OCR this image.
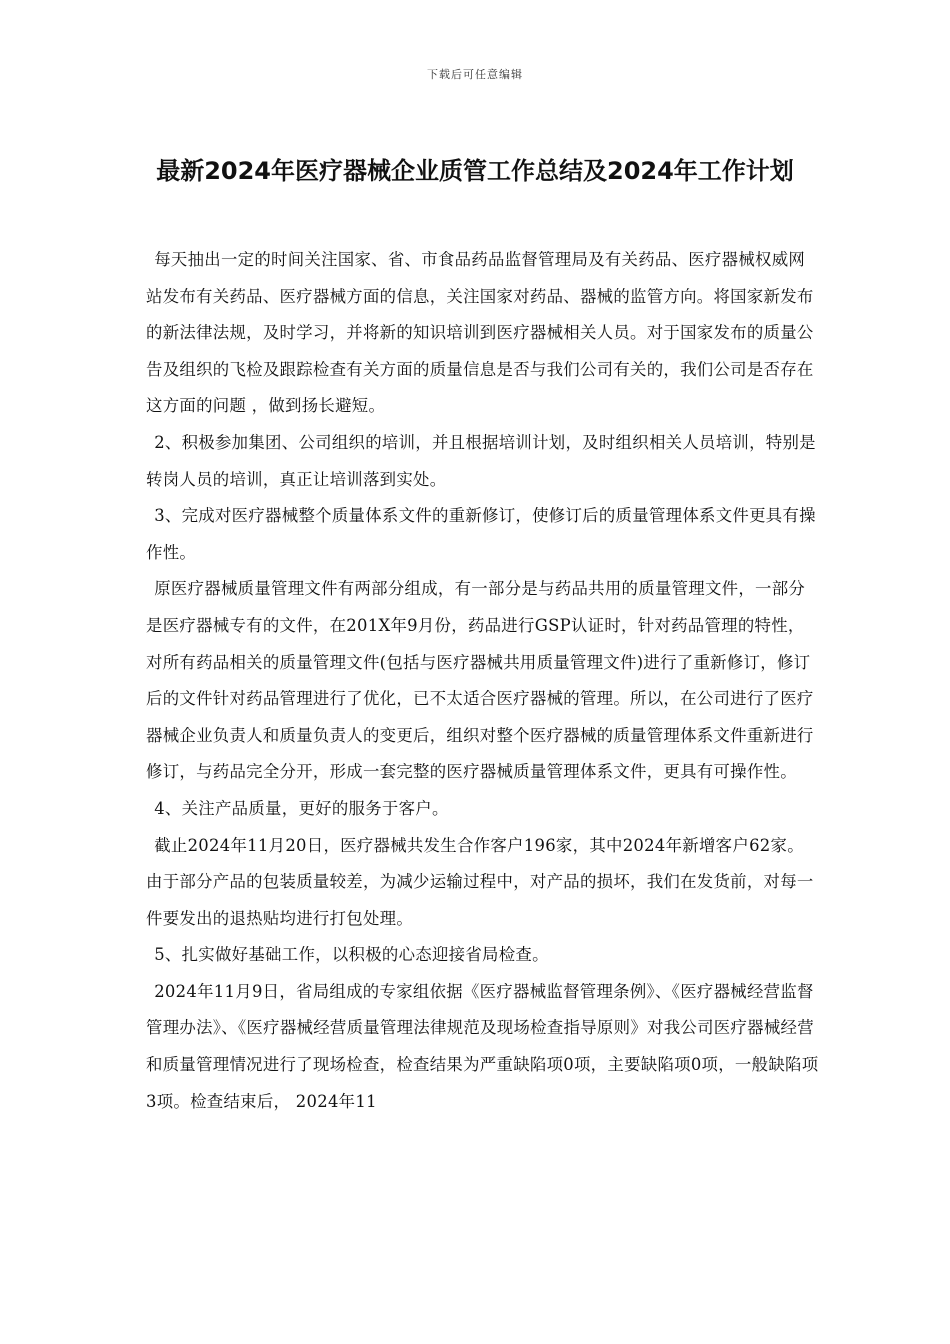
下载后可任意编辑
最新2024年医疗器械企业质管工作总结及2024年工作计划

每天抽出一定的时间关注国家、省、市食品药品监督管理局及有关药品、医疗器械权威网站发布有关药品、医疗器械方面的信息，关注国家对药品、器械的监管方向。将国家新发布的新法律法规，及时学习，并将新的知识培训到医疗器械相关人员。对于国家发布的质量公告及组织的飞检及跟踪检查有关方面的质量信息是否与我们公司有关的，我们公司是否存在这方面的问题 ，做到扬长避短。

2、积极参加集团、公司组织的培训，并且根据培训计划，及时组织相关人员培训，特别是转岗人员的培训，真正让培训落到实处。

3、完成对医疗器械整个质量体系文件的重新修订，使修订后的质量管理体系文件更具有操作性。

原医疗器械质量管理文件有两部分组成，有一部分是与药品共用的质量管理文件，一部分是医疗器械专有的文件，在201X年9月份，药品进行GSP认证时，针对药品管理的特性，对所有药品相关的质量管理文件(包括与医疗器械共用质量管理文件)进行了重新修订，修订后的文件针对药品管理进行了优化，已不太适合医疗器械的管理。所以，在公司进行了医疗器械企业负责人和质量负责人的变更后，组织对整个医疗器械的质量管理体系文件重新进行修订，与药品完全分开，形成一套完整的医疗器械质量管理体系文件，更具有可操作性。

4、关注产品质量，更好的服务于客户。

截止2024年11月20日，医疗器械共发生合作客户196家，其中2024年新增客户62家。由于部分产品的包装质量较差，为减少运输过程中，对产品的损坏，我们在发货前，对每一件要发出的退热贴均进行打包处理。

5、扎实做好基础工作，以积极的心态迎接省局检查。

2024年11月9日，省局组成的专家组依据《医疗器械监督管理条例》、《医疗器械经营监督管理办法》、《医疗器械经营质量管理法律规范及现场检查指导原则》对我公司医疗器械经营和质量管理情况进行了现场检查，检查结果为严重缺陷项0项，主要缺陷项0项，一般缺陷项3项。检查结束后， 2024年11
